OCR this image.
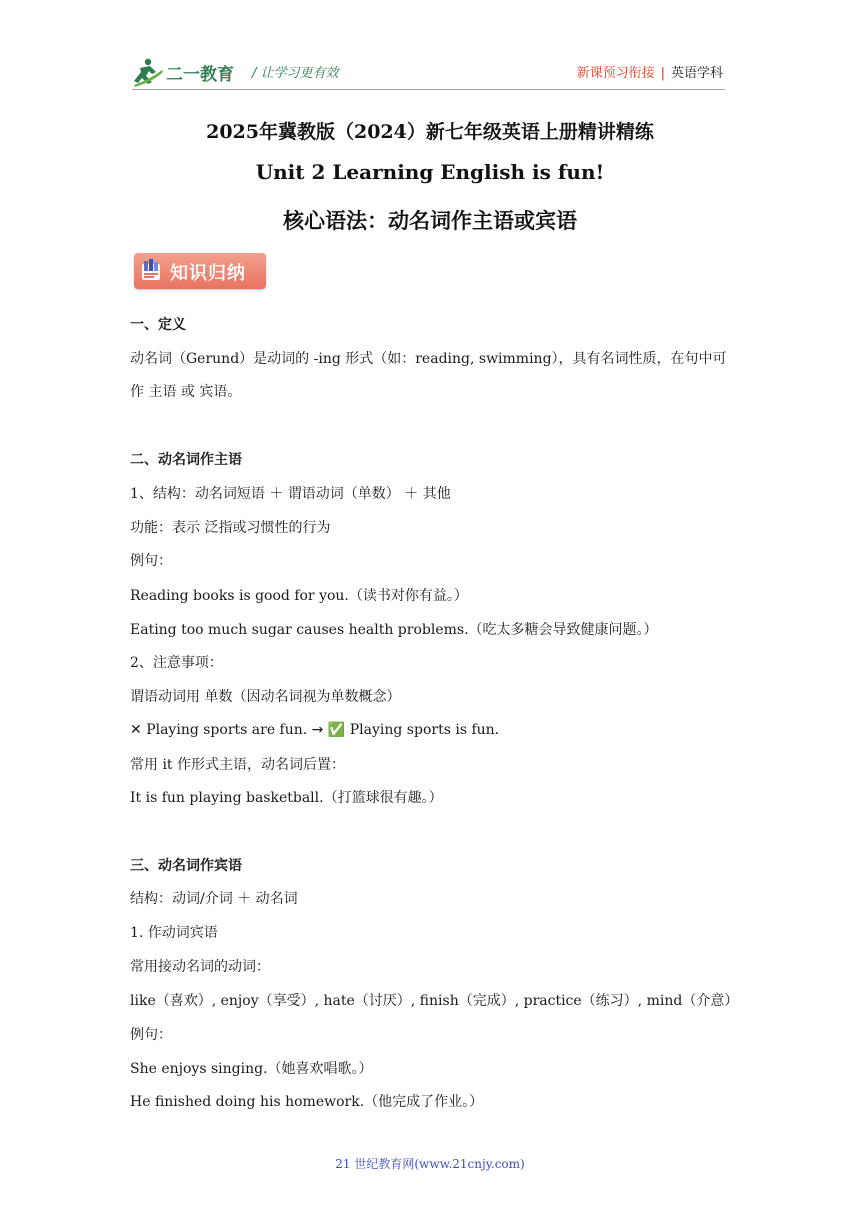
二一教育 / 让学习更有效	新课预习衔接 | 英语学科
2025年冀教版（2024）新七年级英语上册精讲精练
Unit 2 Learning English is fun!
核心语法：动名词作主语或宾语
知识归纳
一、定义
动名词（Gerund）是动词的 -ing 形式（如：reading, swimming），具有名词性质，在句中可
作 主语 或 宾语。
二、动名词作主语
1、结构：动名词短语 ＋ 谓语动词（单数） ＋ 其他
功能：表示 泛指或习惯性的行为
例句：
Reading books is good for you.（读书对你有益。）
Eating too much sugar causes health problems.（吃太多糖会导致健康问题。）
2、注意事项：
谓语动词用 单数（因动名词视为单数概念）
✕ Playing sports are fun. → ✅ Playing sports is fun.
常用 it 作形式主语，动名词后置：
It is fun playing basketball.（打篮球很有趣。）
三、动名词作宾语
结构：动词/介词 ＋ 动名词
1. 作动词宾语
常用接动名词的动词：
like（喜欢）, enjoy（享受）, hate（讨厌）, finish（完成）, practice（练习）, mind（介意）
例句：
She enjoys singing.（她喜欢唱歌。）
He finished doing his homework.（他完成了作业。）
21 世纪教育网(www.21cnjy.com)
